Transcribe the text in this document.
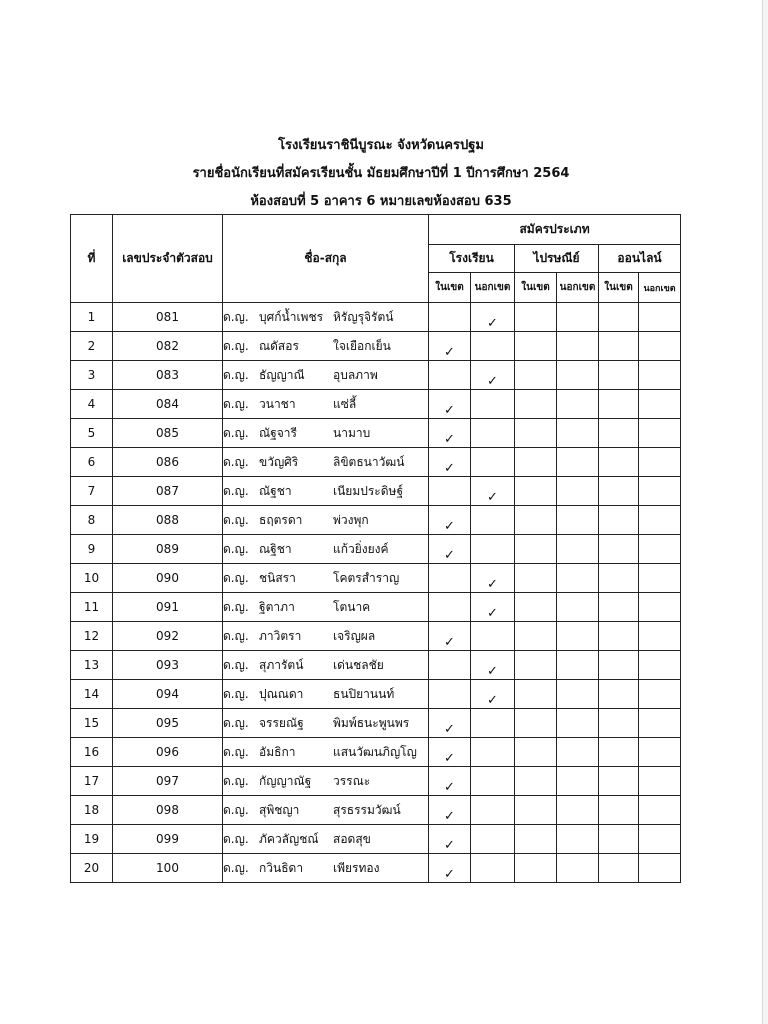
โรงเรียนราชินีบูรณะ จังหวัดนครปฐม
รายชื่อนักเรียนที่สมัครเรียนชั้น มัธยมศึกษาปีที่ 1 ปีการศึกษา 2564
ห้องสอบที่ 5 อาคาร 6 หมายเลขห้องสอบ 635
ที่	เลขประจำตัวสอบ	ชื่อ-สกุล	สมัครประเภท					
			โรงเรียน		ไปรษณีย์		ออนไลน์	
			ในเขต	นอกเขต	ในเขต	นอกเขต	ในเขต	นอกเขต
1	081	ด.ญ. บุศก์น้ำเพชร หิรัญรุจิรัตน์		✓				
2	082	ด.ญ. ณดัสอร ใจเยือกเย็น	✓					
3	083	ด.ญ. ธัญญาณี อุบลภาพ		✓				
4	084	ด.ญ. วนาชา แซ่ลี้	✓					
5	085	ด.ญ. ณัฐจารี นามาบ	✓					
6	086	ด.ญ. ขวัญศิริ ลิขิตธนาวัฒน์	✓					
7	087	ด.ญ. ณัฐชา เนียมประดิษฐ์		✓				
8	088	ด.ญ. ธฤตรดา พ่วงพุก	✓					
9	089	ด.ญ. ณฐิชา แก้วยิ่งยงค์	✓					
10	090	ด.ญ. ชนิสรา โคตรสำราญ		✓				
11	091	ด.ญ. ฐิตาภา โตนาค		✓				
12	092	ด.ญ. ภาวิตรา เจริญผล	✓					
13	093	ด.ญ. สุภารัตน์ เด่นชลชัย		✓				
14	094	ด.ญ. ปุณณดา ธนปิยานนท์		✓				
15	095	ด.ญ. จรรยณัฐ พิมพ์ธนะพูนพร	✓					
16	096	ด.ญ. อัมธิกา แสนวัฒนภิญโญ	✓					
17	097	ด.ญ. กัญญาณัฐ วรรณะ	✓					
18	098	ด.ญ. สุพิชญา สุรธรรมวัฒน์	✓					
19	099	ด.ญ. ภัควลัญชณ์ สอดสุข	✓					
20	100	ด.ญ. กวินธิดา เพียรทอง	✓					
